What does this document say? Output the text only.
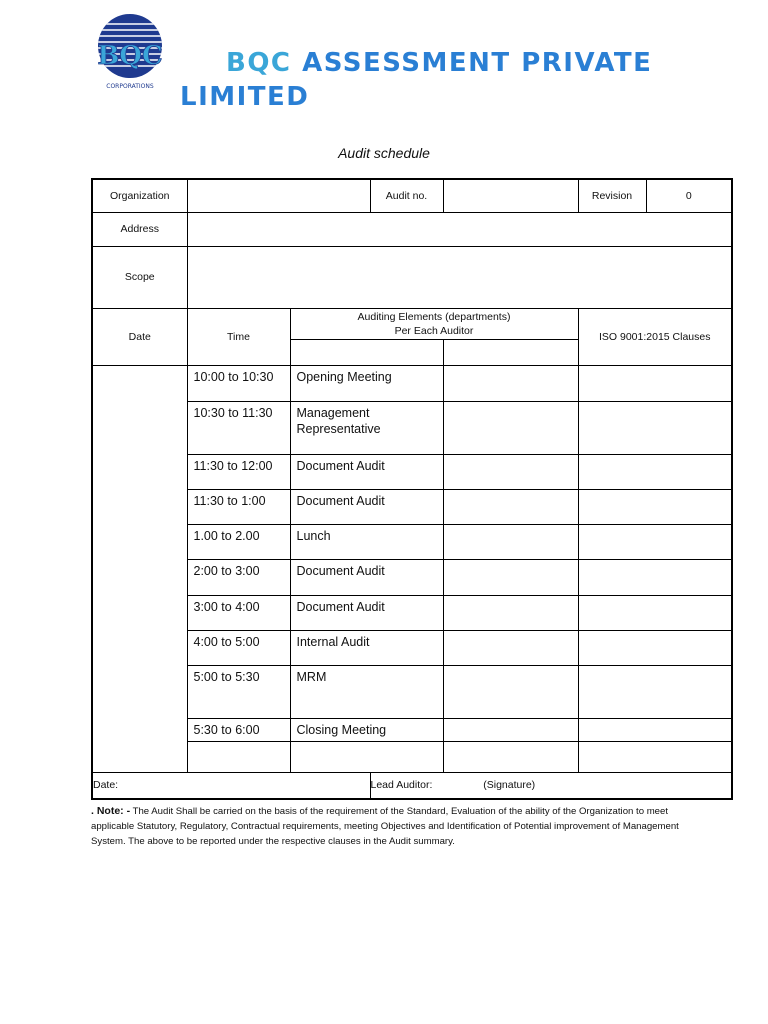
BQC
CORPORATIONS
BQC ASSESSMENT PRIVATE LIMITED
Audit schedule
Organization			Audit no.		Revision	0
Address						
Scope						
Date	Time	Auditing Elements (departments)
Per Each Auditor			ISO 9001:2015 Clauses	

	10:00 to 10:30	Opening Meeting				
	10:30 to 11:30	Management Representative				
	11:30 to 12:00	Document Audit				
	11:30 to 1:00	Document Audit				
	1.00 to 2.00	Lunch				
	2:00 to 3:00	Document Audit				
	3:00 to 4:00	Document Audit				
	4:00 to 5:00	Internal Audit				
	5:00 to 5:30	MRM				
	5:30 to 6:00	Closing Meeting				

Date:			Lead Auditor: (Signature)			
. Note: - The Audit Shall be carried on the basis of the requirement of the Standard, Evaluation of the ability of the Organization to meet applicable Statutory, Regulatory, Contractual requirements, meeting Objectives and Identification of Potential improvement of Management System. The above to be reported under the respective clauses in the Audit summary.
